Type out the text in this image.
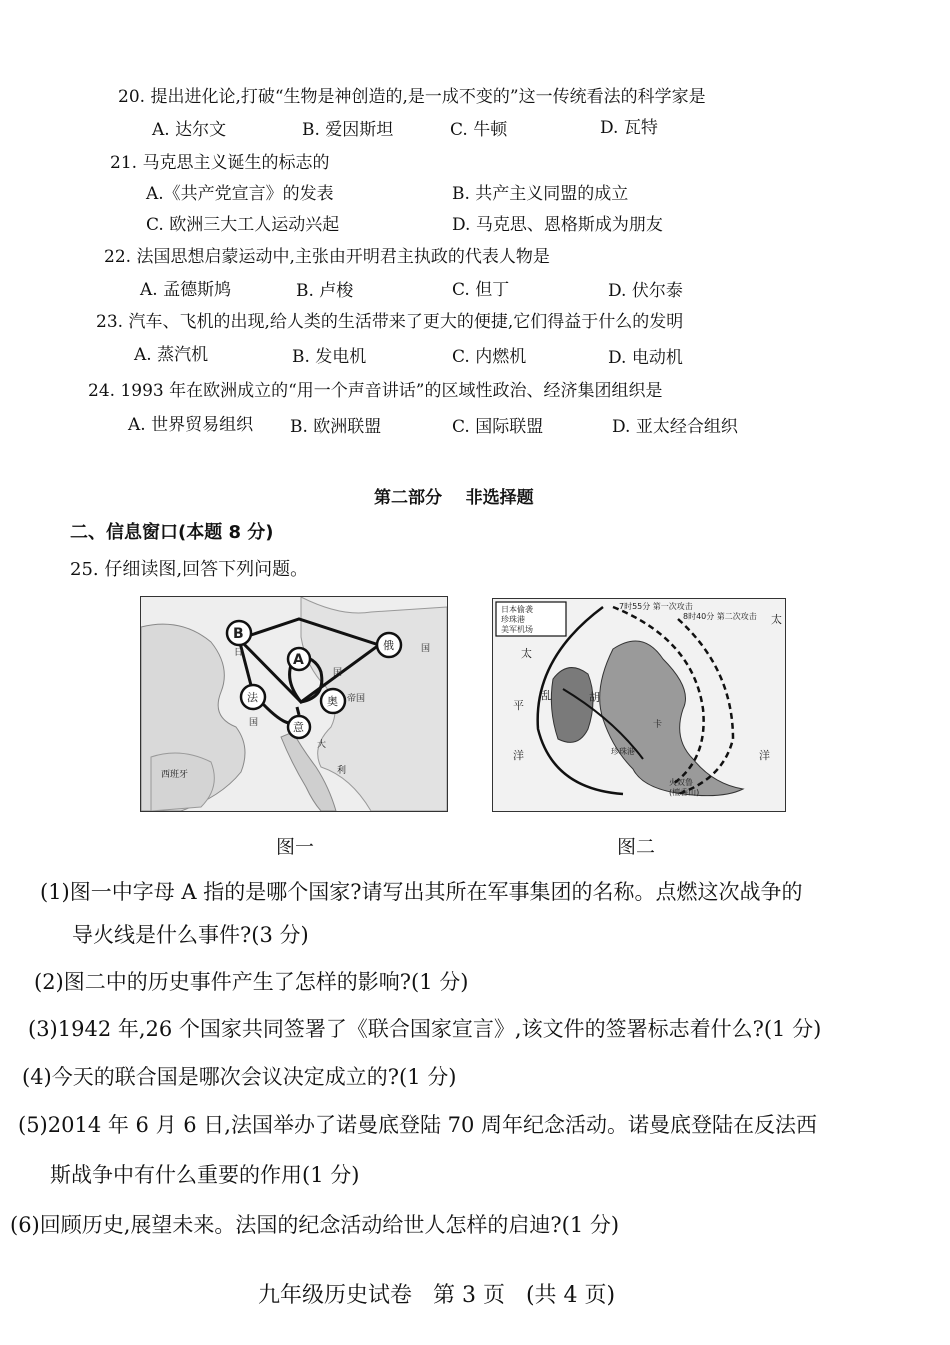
20. 提出进化论,打破“生物是神创造的,是一成不变的”这一传统看法的科学家是
A. 达尔文	B. 爱因斯坦	C. 牛顿	D. 瓦特
21. 马克思主义诞生的标志的
A.《共产党宣言》的发表	B. 共产主义同盟的成立
C. 欧洲三大工人运动兴起	D. 马克思、恩格斯成为朋友
22. 法国思想启蒙运动中,主张由开明君主执政的代表人物是
A. 孟德斯鸠	B. 卢梭	C. 但丁	D. 伏尔泰
23. 汽车、飞机的出现,给人类的生活带来了更大的便捷,它们得益于什么的发明
A. 蒸汽机	B. 发电机	C. 内燃机	D. 电动机
24. 1993 年在欧洲成立的“用一个声音讲话”的区域性政治、经济集团组织是
A. 世界贸易组织 B. 欧洲联盟	C. 国际联盟	D. 亚太经合组织
第二部分    非选择题
二、信息窗口(本题 8 分)
25. 仔细读图,回答下列问题。
B
A
日
法
国
俄	国
奥 帝国
意
大
利
西班牙
国
日本偷袭
珍珠港
美军机场
7时55分 第一次攻击
8时40分 第二次攻击
太
平
洋
太
洋
胡
乱
卡
珍珠港
火奴鲁
(檀香山)
图一	图二
(1)图一中字母 A 指的是哪个国家?请写出其所在军事集团的名称。点燃这次战争的
导火线是什么事件?(3 分)
(2)图二中的历史事件产生了怎样的影响?(1 分)
(3)1942 年,26 个国家共同签署了《联合国家宣言》,该文件的签署标志着什么?(1 分)
(4)今天的联合国是哪次会议决定成立的?(1 分)
(5)2014 年 6 月 6 日,法国举办了诺曼底登陆 70 周年纪念活动。诺曼底登陆在反法西
斯战争中有什么重要的作用(1 分)
(6)回顾历史,展望未来。法国的纪念活动给世人怎样的启迪?(1 分)
九年级历史试卷   第 3 页   (共 4 页)
